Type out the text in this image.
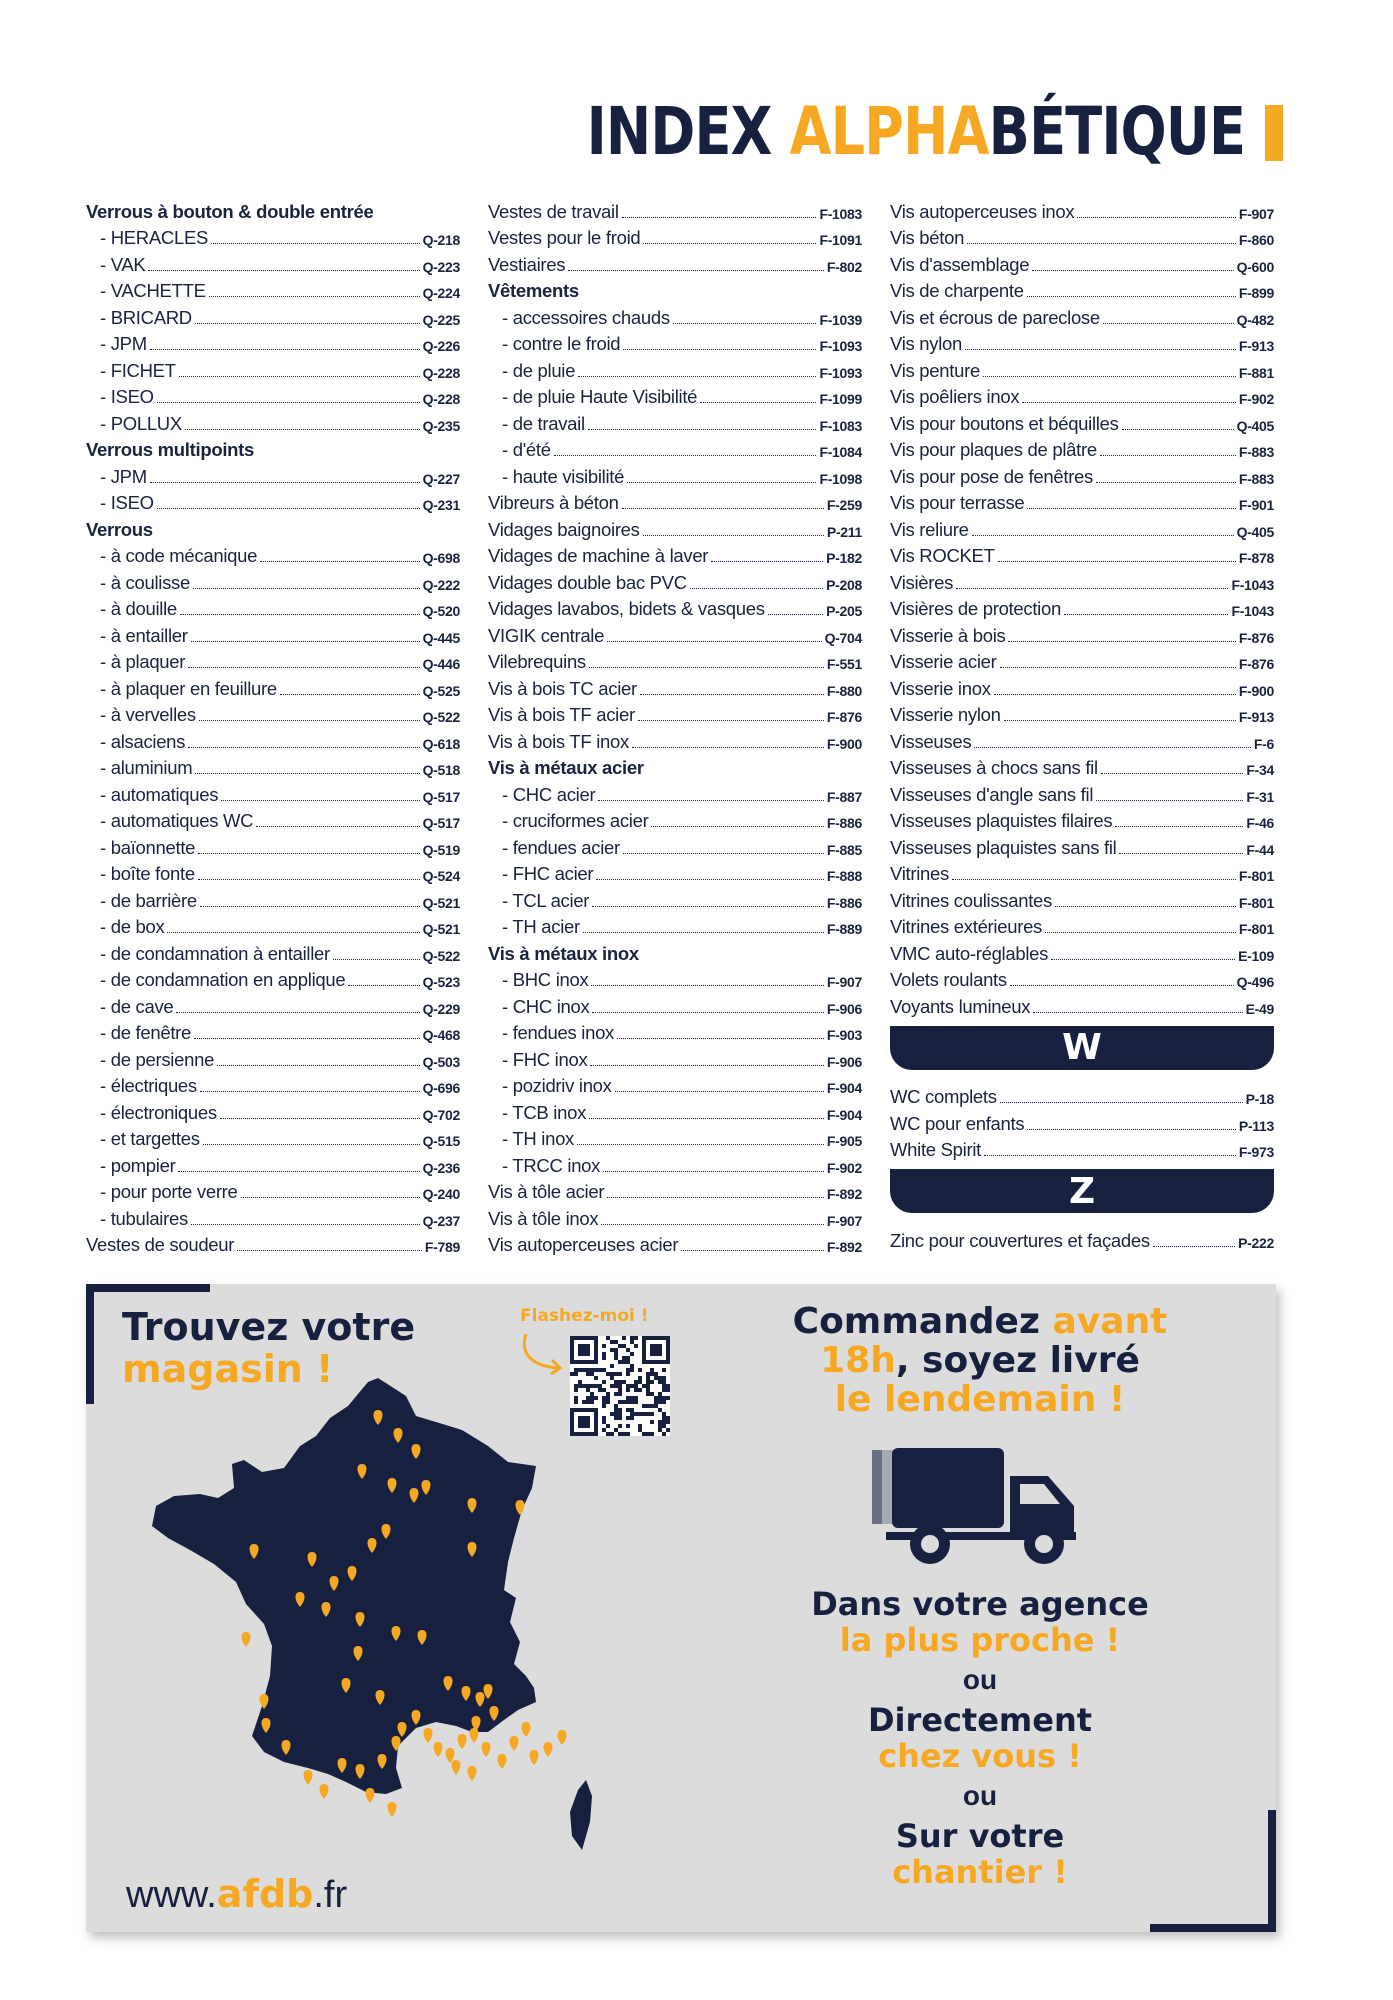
INDEX ALPHABÉTIQUE
Verrous à bouton & double entrée
- HERACLES	Q-218
- VAK	Q-223
- VACHETTE	Q-224
- BRICARD	Q-225
- JPM	Q-226
- FICHET	Q-228
- ISEO	Q-228
- POLLUX	Q-235
Verrous multipoints
- JPM	Q-227
- ISEO	Q-231
Verrous
- à code mécanique	Q-698
- à coulisse	Q-222
- à douille	Q-520
- à entailler	Q-445
- à plaquer	Q-446
- à plaquer en feuillure	Q-525
- à vervelles	Q-522
- alsaciens	Q-618
- aluminium	Q-518
- automatiques	Q-517
- automatiques WC	Q-517
- baïonnette	Q-519
- boîte fonte	Q-524
- de barrière	Q-521
- de box	Q-521
- de condamnation à entailler	Q-522
- de condamnation en applique	Q-523
- de cave	Q-229
- de fenêtre	Q-468
- de persienne	Q-503
- électriques	Q-696
- électroniques	Q-702
- et targettes	Q-515
- pompier	Q-236
- pour porte verre	Q-240
- tubulaires	Q-237
Vestes de soudeur	F-789
Vestes de travail	F-1083
Vestes pour le froid	F-1091
Vestiaires	F-802
Vêtements
- accessoires chauds	F-1039
- contre le froid	F-1093
- de pluie	F-1093
- de pluie Haute Visibilité	F-1099
- de travail	F-1083
- d'été	F-1084
- haute visibilité	F-1098
Vibreurs à béton	F-259
Vidages baignoires	P-211
Vidages de machine à laver	P-182
Vidages double bac PVC	P-208
Vidages lavabos, bidets & vasques	P-205
VIGIK centrale	Q-704
Vilebrequins	F-551
Vis à bois TC acier	F-880
Vis à bois TF acier	F-876
Vis à bois TF inox	F-900
Vis à métaux acier
- CHC acier	F-887
- cruciformes acier	F-886
- fendues acier	F-885
- FHC acier	F-888
- TCL acier	F-886
- TH acier	F-889
Vis à métaux inox
- BHC inox	F-907
- CHC inox	F-906
- fendues inox	F-903
- FHC inox	F-906
- pozidriv inox	F-904
- TCB inox	F-904
- TH inox	F-905
- TRCC inox	F-902
Vis à tôle acier	F-892
Vis à tôle inox	F-907
Vis autoperceuses acier	F-892
Vis autoperceuses inox	F-907
Vis béton	F-860
Vis d'assemblage	Q-600
Vis de charpente	F-899
Vis et écrous de pareclose	Q-482
Vis nylon	F-913
Vis penture	F-881
Vis poêliers inox	F-902
Vis pour boutons et béquilles	Q-405
Vis pour plaques de plâtre	F-883
Vis pour pose de fenêtres	F-883
Vis pour terrasse	F-901
Vis reliure	Q-405
Vis ROCKET	F-878
Visières	F-1043
Visières de protection	F-1043
Visserie à bois	F-876
Visserie acier	F-876
Visserie inox	F-900
Visserie nylon	F-913
Visseuses	F-6
Visseuses à chocs sans fil	F-34
Visseuses d'angle sans fil	F-31
Visseuses plaquistes filaires	F-46
Visseuses plaquistes sans fil	F-44
Vitrines	F-801
Vitrines coulissantes	F-801
Vitrines extérieures	F-801
VMC auto-réglables	E-109
Volets roulants	Q-496
Voyants lumineux	E-49
W
WC complets	P-18
WC pour enfants	P-113
White Spirit	F-973
Z
Zinc pour couvertures et façades	P-222
Trouvez votre
magasin !
Flashez-moi !
www.afdb.fr
Commandez avant
18h, soyez livré
le lendemain !
Dans votre agence
la plus proche !
ou
Directement
chez vous !
ou
Sur votre
chantier !
